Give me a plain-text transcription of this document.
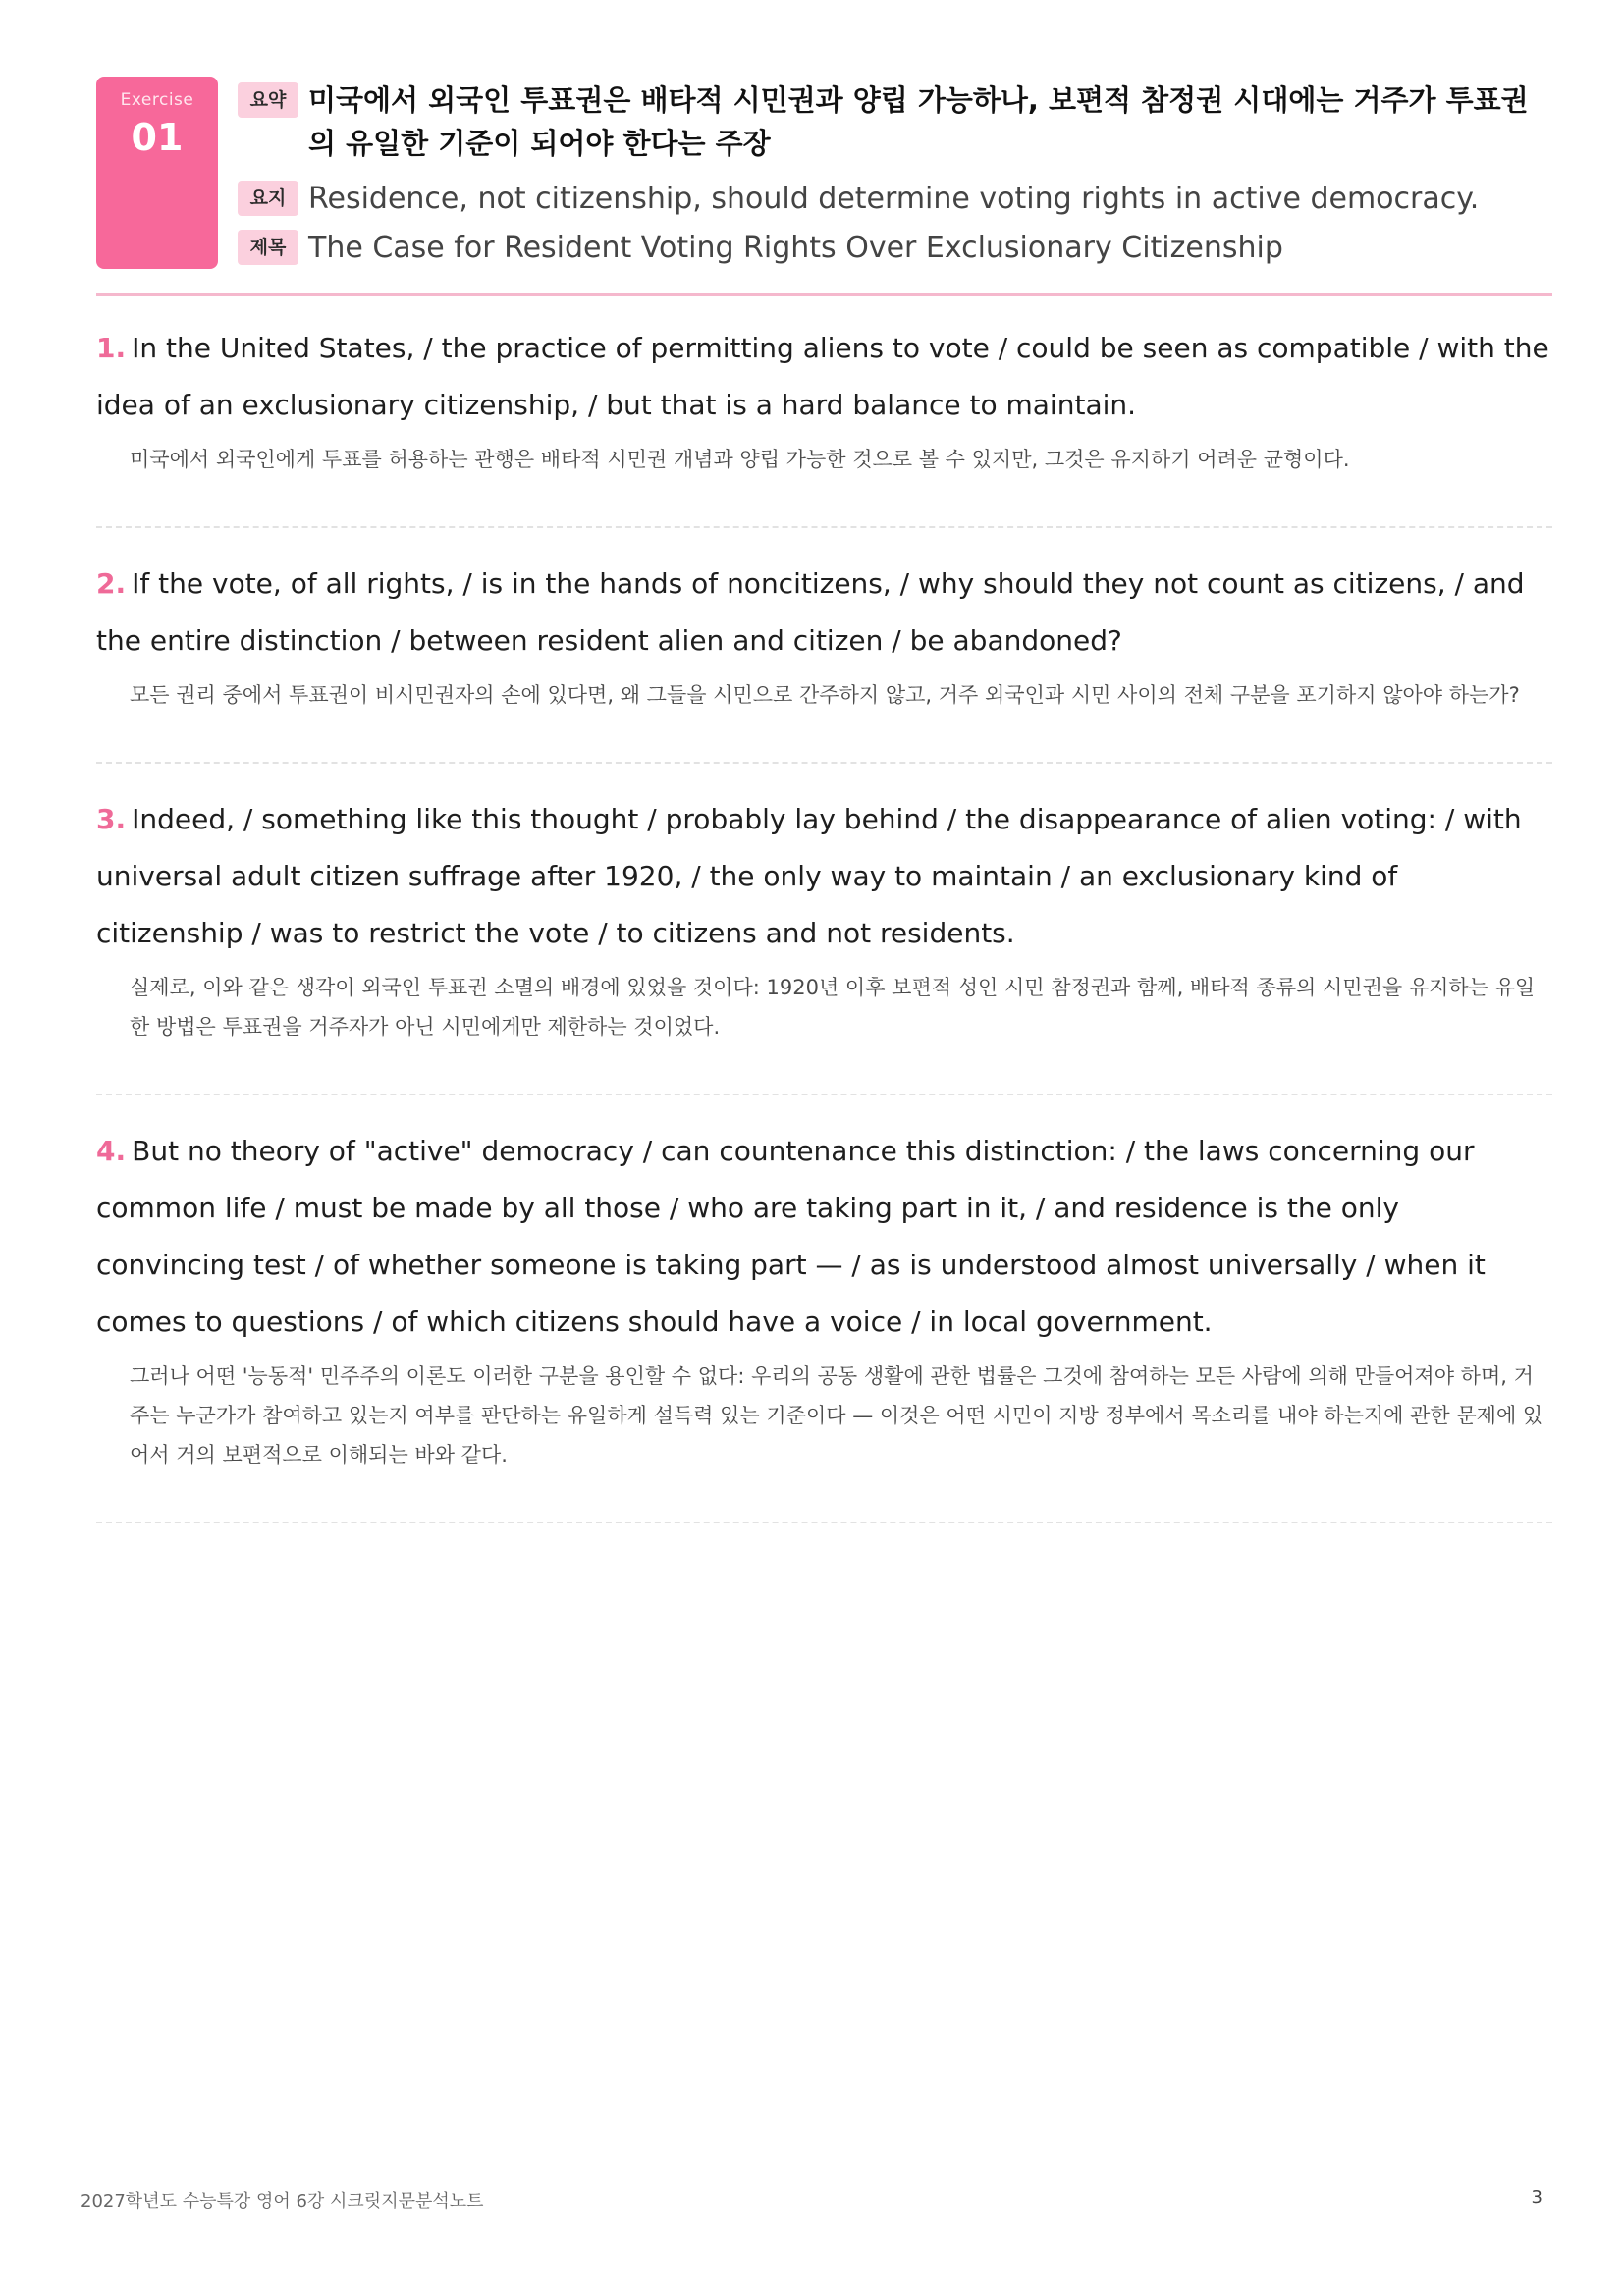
Exercise
01
요약 미국에서 외국인 투표권은 배타적 시민권과 양립 가능하나, 보편적 참정권 시대에는 거주가 투표권의 유일한 기준이 되어야 한다는 주장
요지 Residence, not citizenship, should determine voting rights in active democracy.
제목 The Case for Resident Voting Rights Over Exclusionary Citizenship

1. In the United States, / the practice of permitting aliens to vote / could be seen as compatible / with the idea of an exclusionary citizenship, / but that is a hard balance to maintain.

미국에서 외국인에게 투표를 허용하는 관행은 배타적 시민권 개념과 양립 가능한 것으로 볼 수 있지만, 그것은 유지하기 어려운 균형이다.

2. If the vote, of all rights, / is in the hands of noncitizens, / why should they not count as citizens, / and the entire distinction / between resident alien and citizen / be abandoned?

모든 권리 중에서 투표권이 비시민권자의 손에 있다면, 왜 그들을 시민으로 간주하지 않고, 거주 외국인과 시민 사이의 전체 구분을 포기하지 않아야 하는가?

3. Indeed, / something like this thought / probably lay behind / the disappearance of alien voting: / with universal adult citizen suffrage after 1920, / the only way to maintain / an exclusionary kind of citizenship / was to restrict the vote / to citizens and not residents.

실제로, 이와 같은 생각이 외국인 투표권 소멸의 배경에 있었을 것이다: 1920년 이후 보편적 성인 시민 참정권과 함께, 배타적 종류의 시민권을 유지하는 유일한 방법은 투표권을 거주자가 아닌 시민에게만 제한하는 것이었다.

4. But no theory of "active" democracy / can countenance this distinction: / the laws concerning our common life / must be made by all those / who are taking part in it, / and residence is the only convincing test / of whether someone is taking part — / as is understood almost universally / when it comes to questions / of which citizens should have a voice / in local government.

그러나 어떤 '능동적' 민주주의 이론도 이러한 구분을 용인할 수 없다: 우리의 공동 생활에 관한 법률은 그것에 참여하는 모든 사람에 의해 만들어져야 하며, 거주는 누군가가 참여하고 있는지 여부를 판단하는 유일하게 설득력 있는 기준이다 — 이것은 어떤 시민이 지방 정부에서 목소리를 내야 하는지에 관한 문제에 있어서 거의 보편적으로 이해되는 바와 같다.

2027학년도 수능특강 영어 6강 시크릿지문분석노트	3
